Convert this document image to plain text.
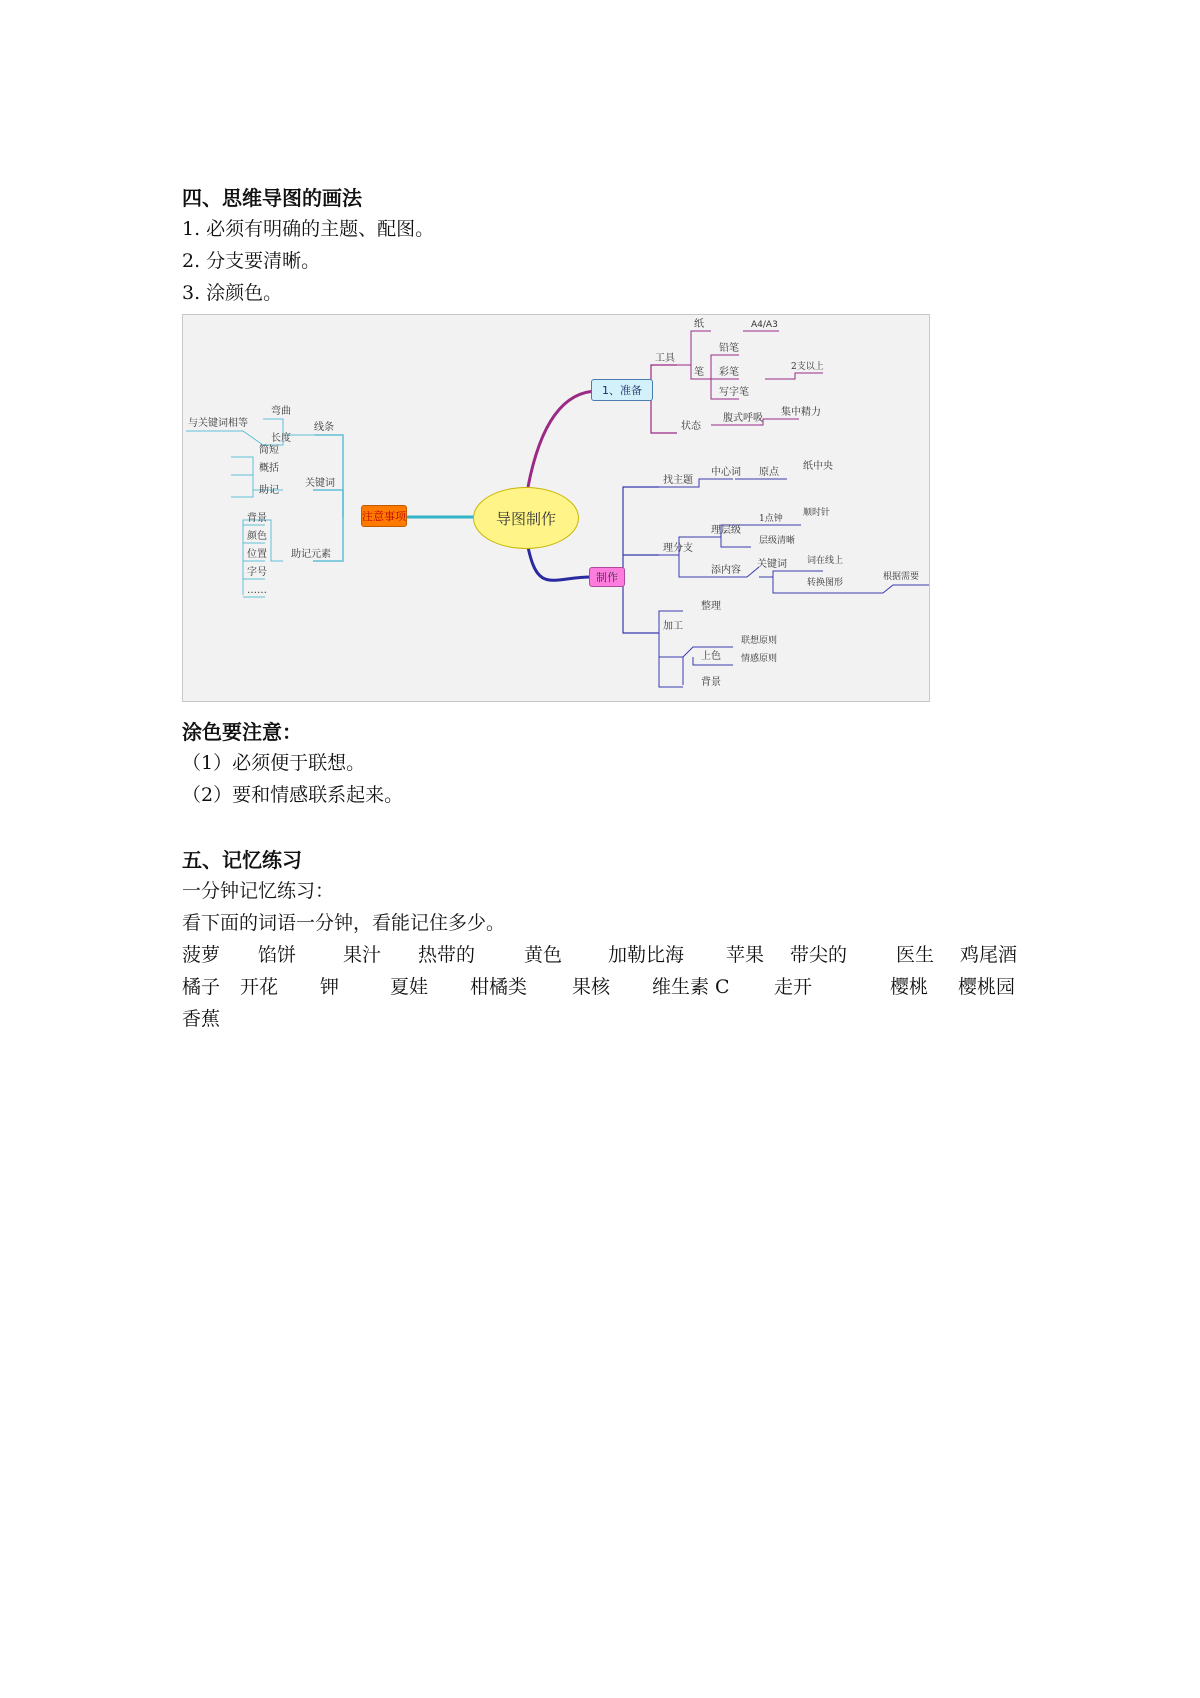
四、思维导图的画法
1. 必须有明确的主题、配图。
2. 分支要清晰。
3. 涂颜色。
导图制作
注意事项
1、准备
制作
线条
弯曲
长度
与关键词相等
关键词
简短
概括
助记
助记元素
背景
颜色
位置
字号
……
工具
纸	A4/A3
笔
铅笔
彩笔	2支以上
写字笔
状态
腹式呼吸
集中精力
找主题
中心词 原点
纸中央
理分支
理层级
1点钟
顺时针
层级清晰
添内容
关键词 词在线上
转换图形
根据需要
加工
整理
上色
联想原则
情感原则
背景
涂色要注意：
（1）必须便于联想。
（2）要和情感联系起来。
五、记忆练习
一分钟记忆练习：
看下面的词语一分钟，看能记住多少。
菠萝 馅饼 果汁 热带的	黄色 加勒比海 苹果 带尖的	医生 鸡尾酒
橘子 开花 钾	夏娃 柑橘类 果核 维生素 C 走开	樱桃 樱桃园
香蕉
